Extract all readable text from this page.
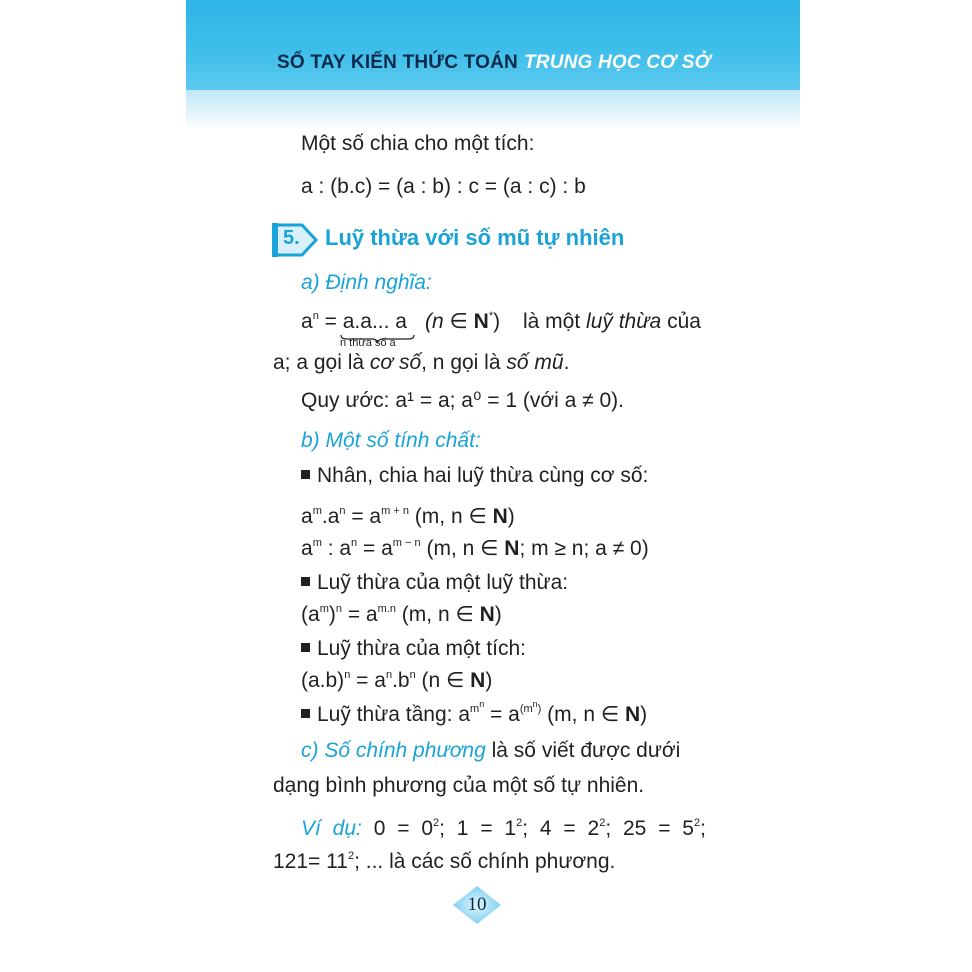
SỔ TAY KIẾN THỨC TOÁN TRUNG HỌC CƠ SỞ
Một số chia cho một tích:
a : (b.c) = (a : b) : c = (a : c) : b
5. Luỹ thừa với số mũ tự nhiên
a) Định nghĩa:
$a^n = a.a$... a
n thừa số a
(n ∈ N*) là một luỹ thừa của
a; a gọi là cơ số, n gọi là số mũ.
Quy ước: a¹ = a; a⁰ = 1 (với a ≠ 0).
b) Một số tính chất:
Nhân, chia hai luỹ thừa cùng cơ số:
$a^m.a^n = a^{m + n}$ (m, n ∈ N)
$a^m$ : $a^n = a^{m - n}$ (m, n ∈ N; m ≥ n; a ≠ 0)
Luỹ thừa của một luỹ thừa:
$(a^m)^n = a^{m.n}$ (m, n ∈ N)
Luỹ thừa của một tích:
$(a.b)^n = a^n.b^n$ (n ∈ N)
Luỹ thừa tầng: $a^{m^n} = a^{(m^n)}$ (m, n ∈ N)
c) Số chính phương là số viết được dưới
dạng bình phương của một số tự nhiên.
Ví dụ: $0 = 0^2$; $1 = 1^2$; $4 = 2^2$; $25 = 5^2$;
$121= 11^2$; ... là các số chính phương.
10
